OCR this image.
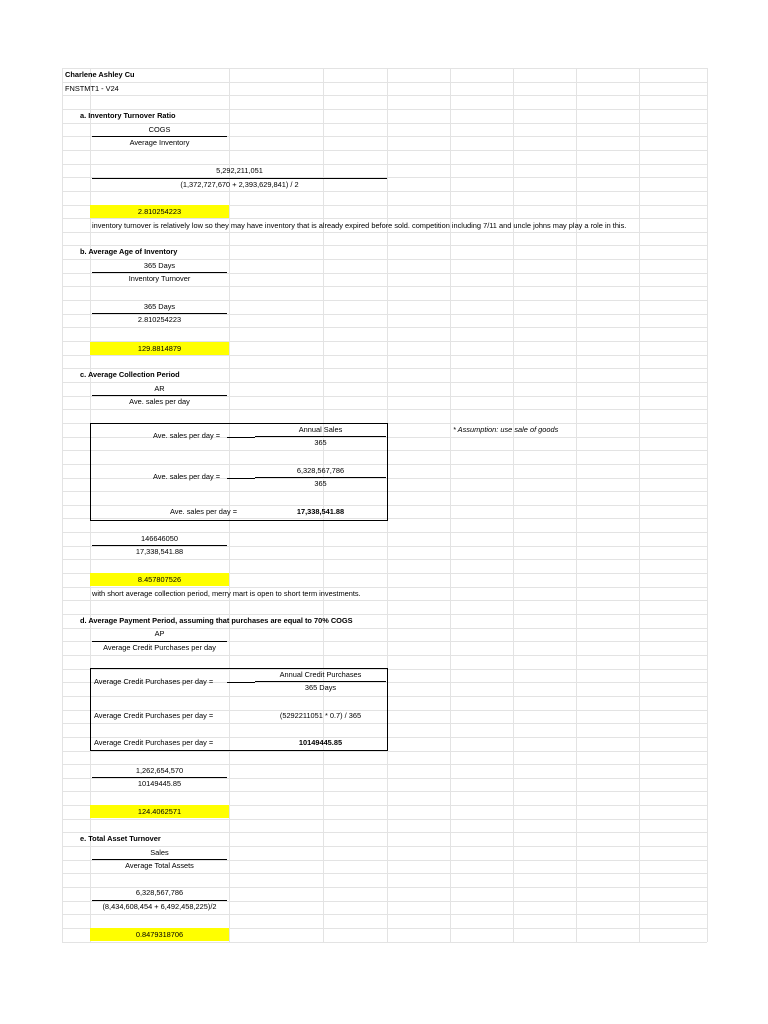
Charlene Ashley Cu
FNSTMT1 - V24
a. Inventory Turnover Ratio
COGS
Average Inventory
5,292,211,051
(1,372,727,670 + 2,393,629,841) / 2
2.810254223
inventory turnover is relatively low so they may have inventory that is already expired before sold. competition including 7/11 and uncle johns may play a role in this.
b. Average Age of Inventory
365 Days
Inventory Turnover
365 Days
2.810254223
129.8814879
c. Average Collection Period
AR
Ave. sales per day
Ave. sales per day =
Annual Sales
365
* Assumption: use sale of goods
Ave. sales per day =
6,328,567,786
365
Ave. sales per day =	17,338,541.88
146646050
17,338,541.88
8.457807526
with short average collection period, merry mart is open to short term investments.
d. Average Payment Period, assuming that purchases are equal to 70% COGS
AP
Average Credit Purchases per day
Average Credit Purchases per day =
Annual Credit Purchases
365 Days
Average Credit Purchases per day =	(5292211051 * 0.7) / 365
Average Credit Purchases per day =	10149445.85
1,262,654,570
10149445.85
124.4062571
e. Total Asset Turnover
Sales
Average Total Assets
6,328,567,786
(8,434,608,454 + 6,492,458,225)/2
0.8479318706
